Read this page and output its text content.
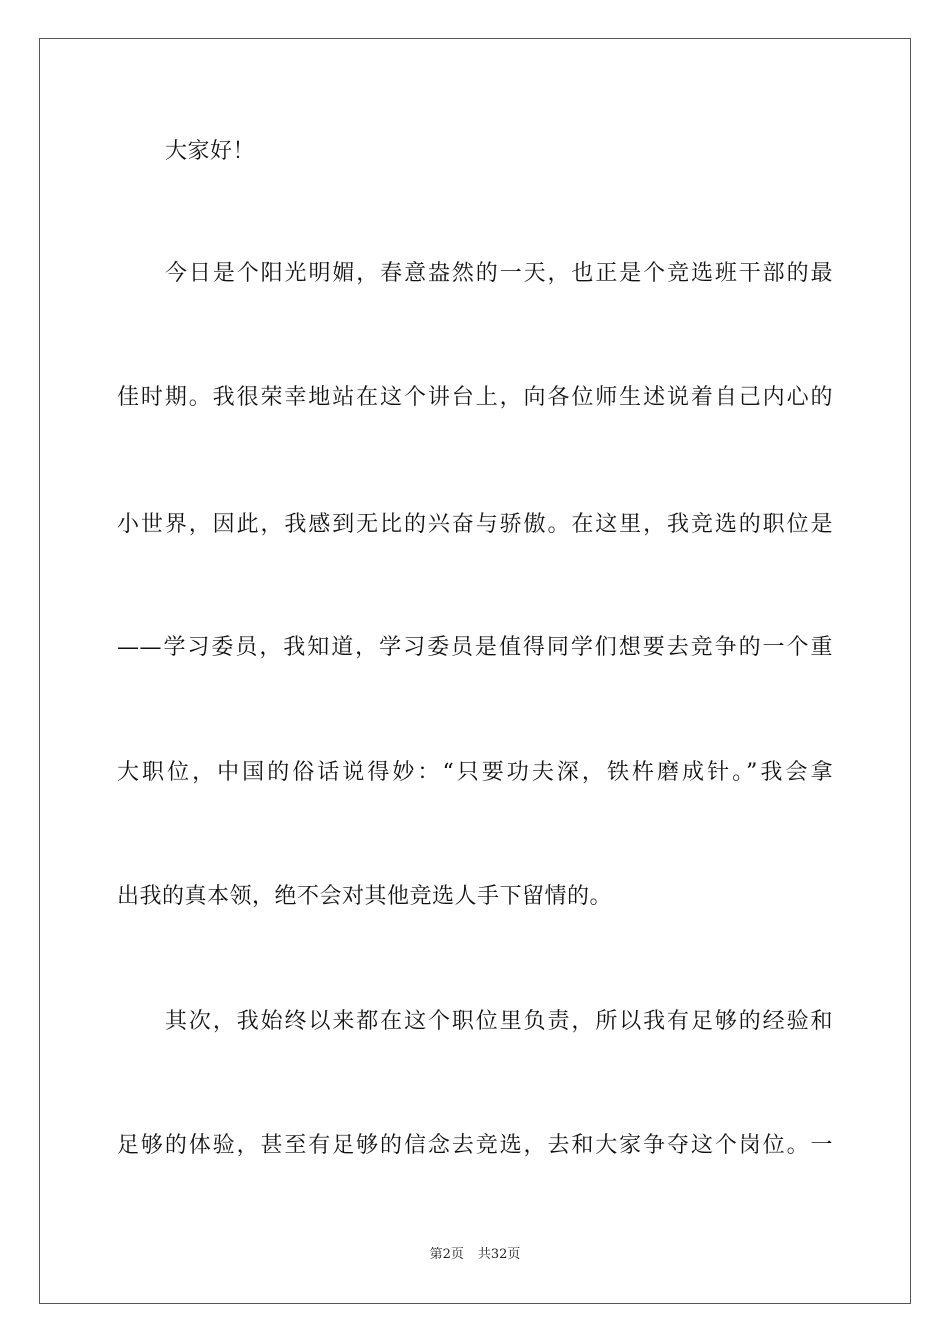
大家好！
今日是个阳光明媚，春意盎然的一天，也正是个竞选班干部的最
佳时期。我很荣幸地站在这个讲台上，向各位师生述说着自己内心的
小世界，因此，我感到无比的兴奋与骄傲。在这里，我竞选的职位是
——学习委员，我知道，学习委员是值得同学们想要去竞争的一个重
大职位，中国的俗话说得妙：“只要功夫深，铁杵磨成针。”我会拿
出我的真本领，绝不会对其他竞选人手下留情的。
其次，我始终以来都在这个职位里负责，所以我有足够的经验和
足够的体验，甚至有足够的信念去竞选，去和大家争夺这个岗位。一
第2页 共32页
